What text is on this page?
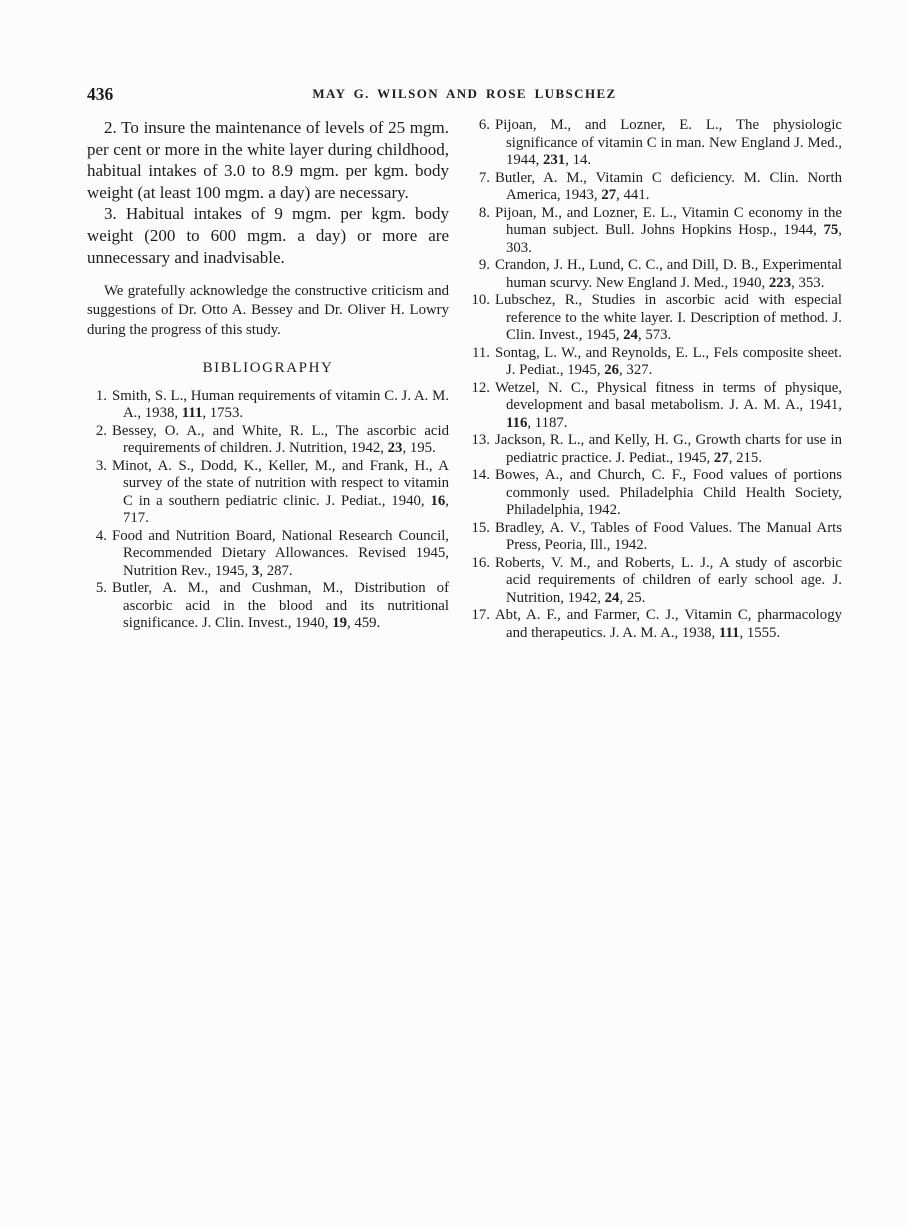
436	MAY G. WILSON AND ROSE LUBSCHEZ

2. To insure the maintenance of levels of 25 mgm. per cent or more in the white layer during childhood, habitual intakes of 3.0 to 8.9 mgm. per kgm. body weight (at least 100 mgm. a day) are necessary.

3. Habitual intakes of 9 mgm. per kgm. body weight (200 to 600 mgm. a day) or more are unnecessary and inadvisable.

We gratefully acknowledge the constructive criticism and suggestions of Dr. Otto A. Bessey and Dr. Oliver H. Lowry during the progress of this study.

BIBLIOGRAPHY
1. Smith, S. L., Human requirements of vitamin C. J. A. M. A., 1938, 111, 1753.
2. Bessey, O. A., and White, R. L., The ascorbic acid requirements of children. J. Nutrition, 1942, 23, 195.
3. Minot, A. S., Dodd, K., Keller, M., and Frank, H., A survey of the state of nutrition with respect to vitamin C in a southern pediatric clinic. J. Pediat., 1940, 16, 717.
4. Food and Nutrition Board, National Research Council, Recommended Dietary Allowances. Revised 1945, Nutrition Rev., 1945, 3, 287.
5. Butler, A. M., and Cushman, M., Distribution of ascorbic acid in the blood and its nutritional significance. J. Clin. Invest., 1940, 19, 459.
6. Pijoan, M., and Lozner, E. L., The physiologic significance of vitamin C in man. New England J. Med., 1944, 231, 14.
7. Butler, A. M., Vitamin C deficiency. M. Clin. North America, 1943, 27, 441.
8. Pijoan, M., and Lozner, E. L., Vitamin C economy in the human subject. Bull. Johns Hopkins Hosp., 1944, 75, 303.
9. Crandon, J. H., Lund, C. C., and Dill, D. B., Experimental human scurvy. New England J. Med., 1940, 223, 353.
10. Lubschez, R., Studies in ascorbic acid with especial reference to the white layer. I. Description of method. J. Clin. Invest., 1945, 24, 573.
11. Sontag, L. W., and Reynolds, E. L., Fels composite sheet. J. Pediat., 1945, 26, 327.
12. Wetzel, N. C., Physical fitness in terms of physique, development and basal metabolism. J. A. M. A., 1941, 116, 1187.
13. Jackson, R. L., and Kelly, H. G., Growth charts for use in pediatric practice. J. Pediat., 1945, 27, 215.
14. Bowes, A., and Church, C. F., Food values of portions commonly used. Philadelphia Child Health Society, Philadelphia, 1942.
15. Bradley, A. V., Tables of Food Values. The Manual Arts Press, Peoria, Ill., 1942.
16. Roberts, V. M., and Roberts, L. J., A study of ascorbic acid requirements of children of early school age. J. Nutrition, 1942, 24, 25.
17. Abt, A. F., and Farmer, C. J., Vitamin C, pharmacology and therapeutics. J. A. M. A., 1938, 111, 1555.
